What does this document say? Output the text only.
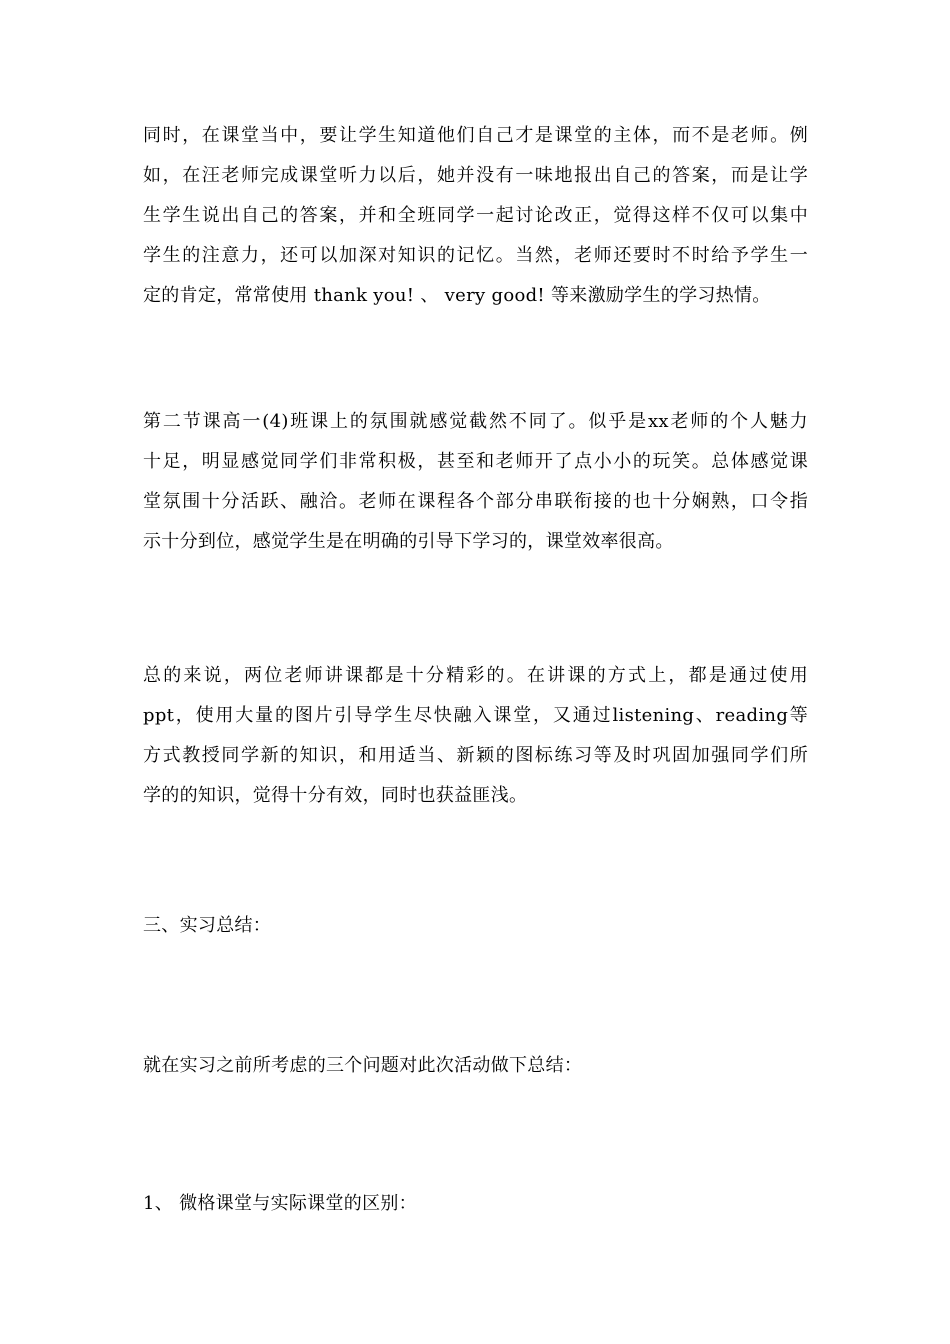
同时，在课堂当中，要让学生知道他们自己才是课堂的主体，而不是老师。例
如，在汪老师完成课堂听力以后，她并没有一味地报出自己的答案，而是让学
生学生说出自己的答案，并和全班同学一起讨论改正，觉得这样不仅可以集中
学生的注意力，还可以加深对知识的记忆。当然，老师还要时不时给予学生一
定的肯定，常常使用 thank you! 、 very good! 等来激励学生的学习热情。
第二节课高一(4)班课上的氛围就感觉截然不同了。似乎是xx老师的个人魅力
十足，明显感觉同学们非常积极，甚至和老师开了点小小的玩笑。总体感觉课
堂氛围十分活跃、融洽。老师在课程各个部分串联衔接的也十分娴熟，口令指
示十分到位，感觉学生是在明确的引导下学习的，课堂效率很高。
总的来说，两位老师讲课都是十分精彩的。在讲课的方式上，都是通过使用
ppt，使用大量的图片引导学生尽快融入课堂，又通过listening、reading等
方式教授同学新的知识，和用适当、新颖的图标练习等及时巩固加强同学们所
学的的知识，觉得十分有效，同时也获益匪浅。

三、实习总结：

就在实习之前所考虑的三个问题对此次活动做下总结：

1、 微格课堂与实际课堂的区别：
